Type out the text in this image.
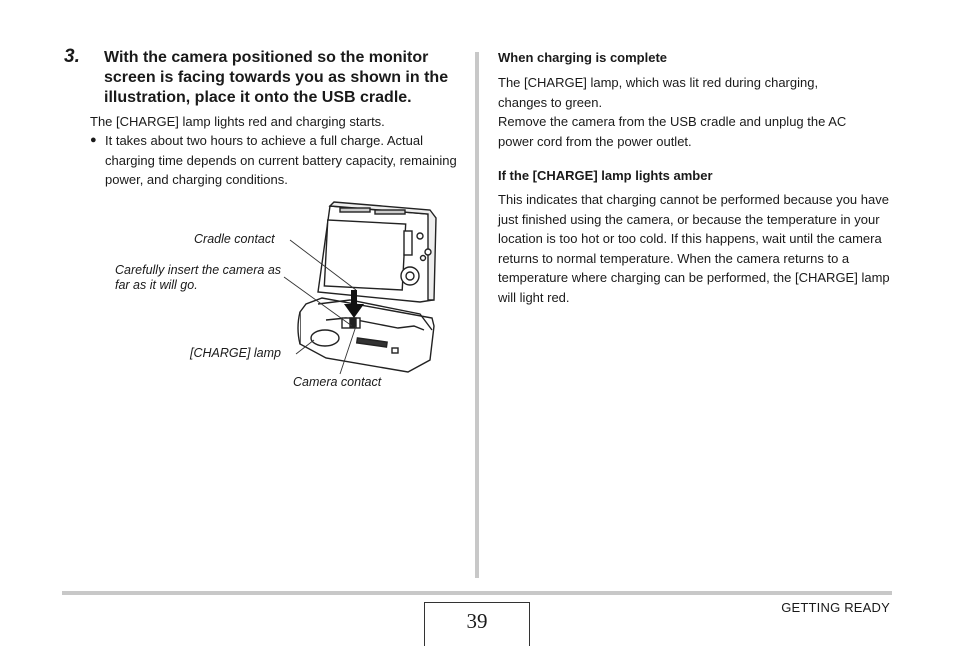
3. With the camera positioned so the monitor screen is facing towards you as shown in the illustration, place it onto the USB cradle.
The [CHARGE] lamp lights red and charging starts.
● It takes about two hours to achieve a full charge. Actual charging time depends on current battery capacity, remaining power, and charging conditions.
Cradle contact
Carefully insert the camera as far as it will go.
[CHARGE] lamp
Camera contact
When charging is complete
The [CHARGE] lamp, which was lit red during charging, changes to green.
Remove the camera from the USB cradle and unplug the AC power cord from the power outlet.
If the [CHARGE] lamp lights amber
This indicates that charging cannot be performed because you have just finished using the camera, or because the temperature in your location is too hot or too cold. If this happens, wait until the camera returns to normal temperature. When the camera returns to a temperature where charging can be performed, the [CHARGE] lamp will light red.
39
GETTING READY
